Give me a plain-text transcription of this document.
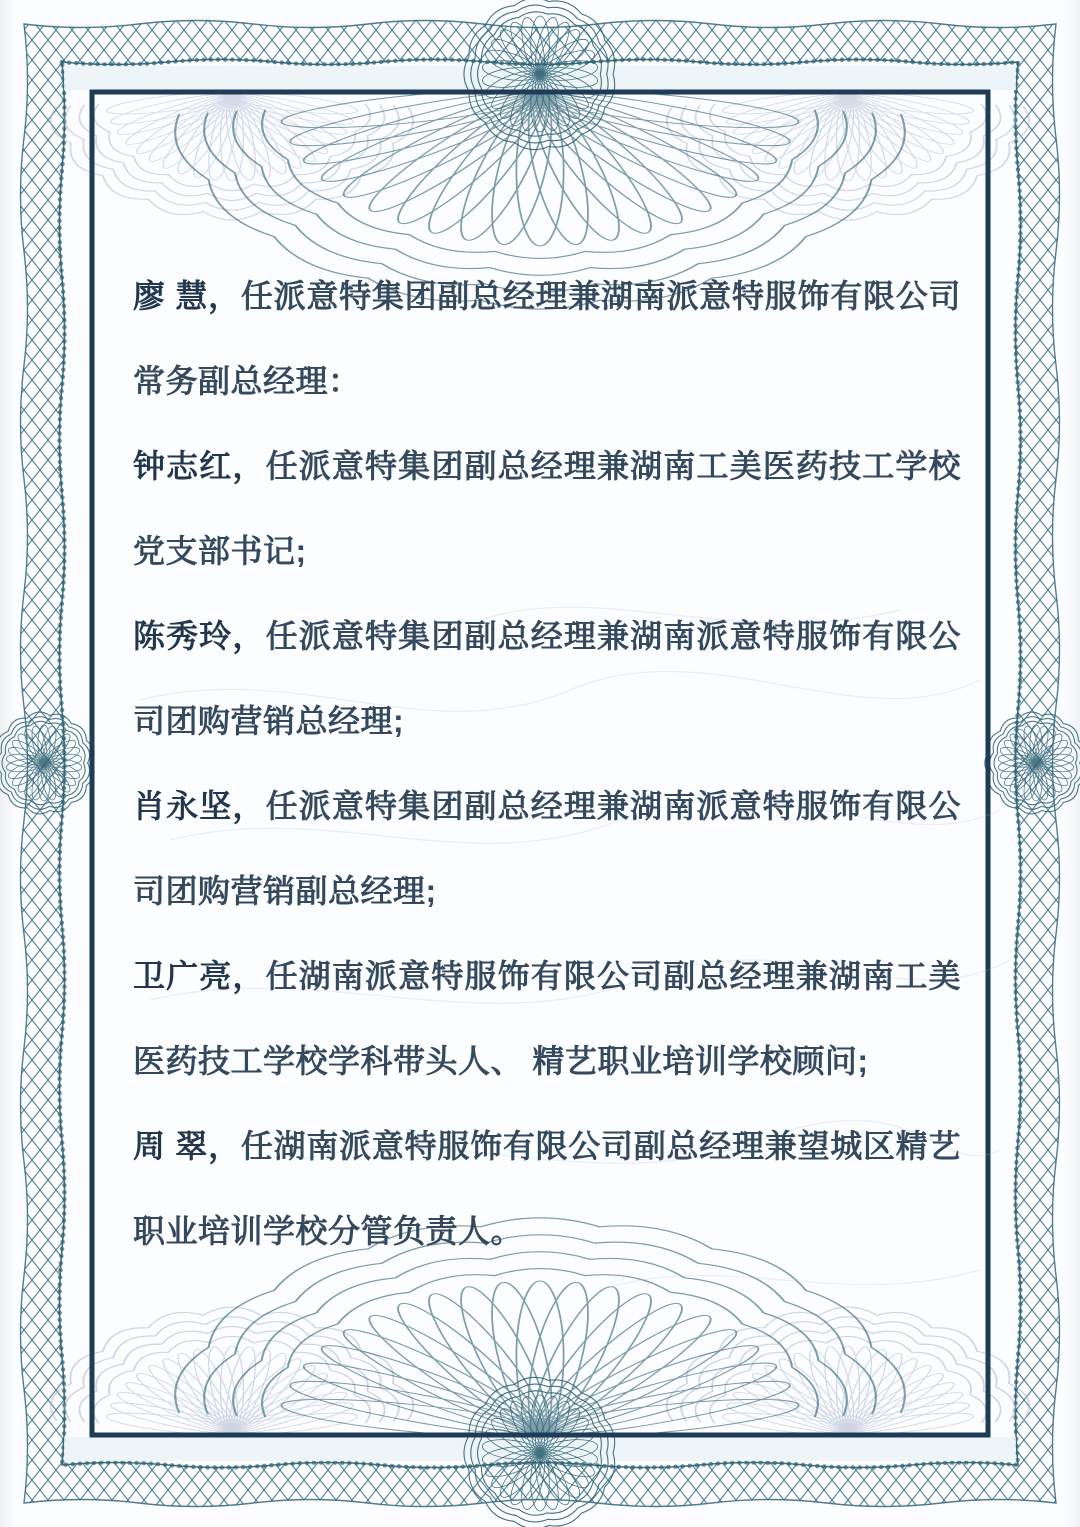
廖 慧，任派意特集团副总经理兼湖南派意特服饰有限公司常务副总经理：

钟志红，任派意特集团副总经理兼湖南工美医药技工学校党支部书记;

陈秀玲，任派意特集团副总经理兼湖南派意特服饰有限公司团购营销总经理;

肖永坚，任派意特集团副总经理兼湖南派意特服饰有限公司团购营销副总经理;

卫广亮，任湖南派意特服饰有限公司副总经理兼湖南工美医药技工学校学科带头人、 精艺职业培训学校顾问;

周 翠，任湖南派意特服饰有限公司副总经理兼望城区精艺职业培训学校分管负责人。
